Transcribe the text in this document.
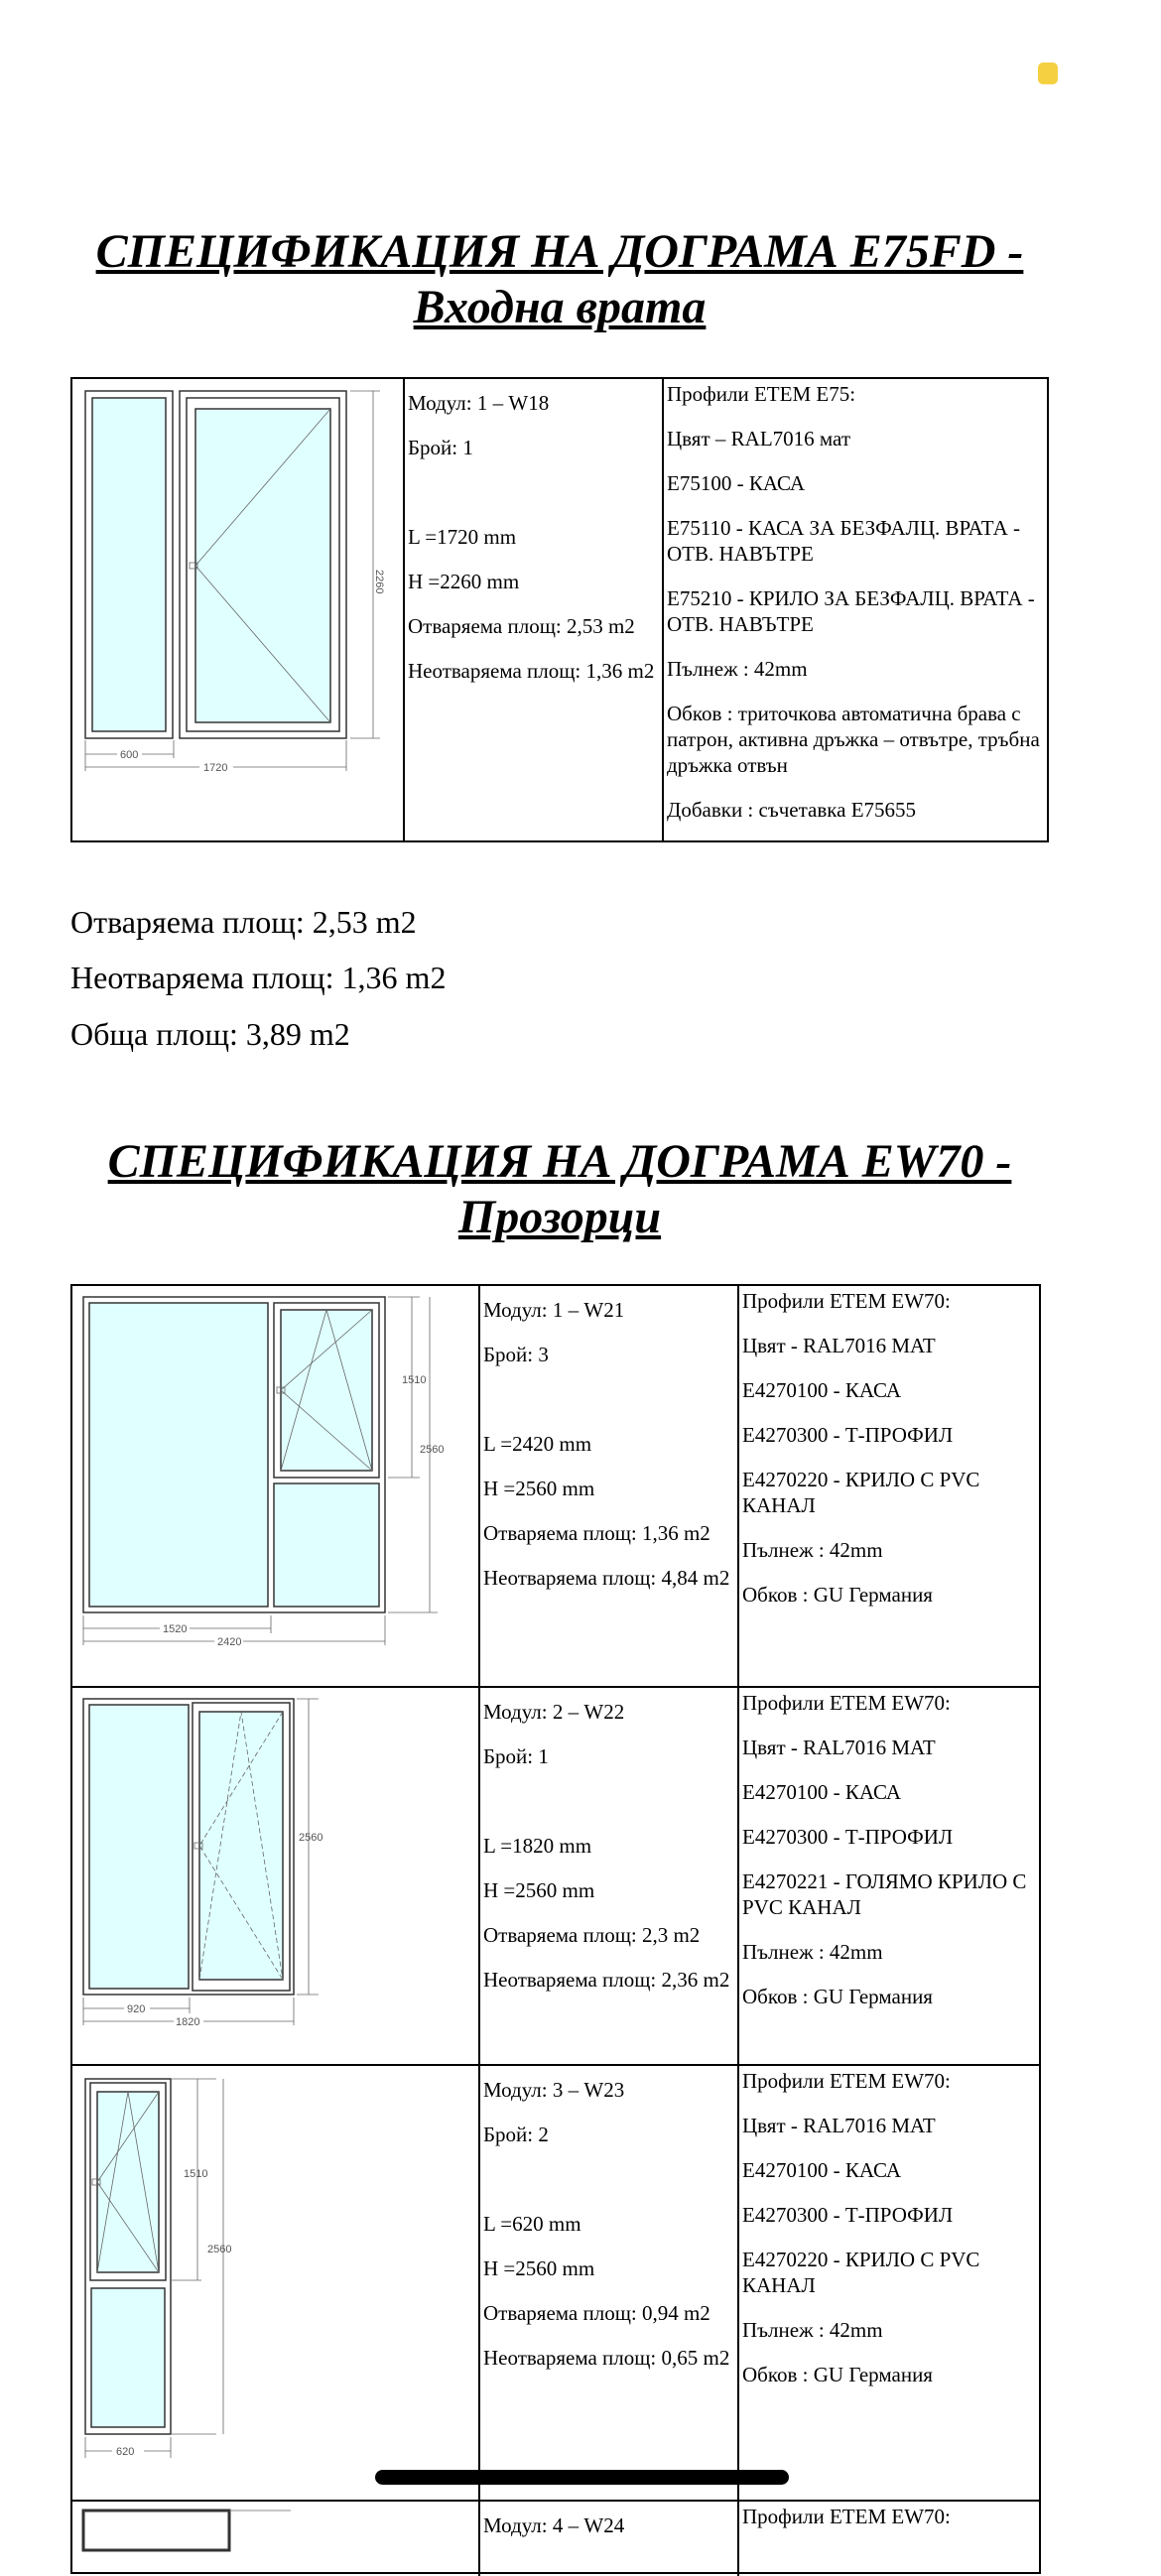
СПЕЦИФИКАЦИЯ НА ДОГРАМА E75FD -
Входна врата
2260
600
1720

Модул: 1 – W18

Брой: 1

L =1720 mm

H =2260 mm

Отваряема площ: 2,53 m2

Неотваряема площ: 1,36 m2

Профили ЕТЕМ E75:

Цвят – RAL7016 мат

E75100 - КАСА

E75110 - КАСА ЗА БЕЗФАЛЦ. ВРАТА - ОТВ. НАВЪТРЕ

E75210 - КРИЛО ЗА БЕЗФАЛЦ. ВРАТА - ОТВ. НАВЪТРЕ

Пълнеж : 42mm

Обков : триточкова автоматична брава с патрон, активна дръжка – отвътре, тръбна дръжка отвън

Добавки : съчетавка E75655

Отваряема площ: 2,53 m2
Неотваряема площ: 1,36 m2
Обща площ: 3,89 m2
СПЕЦИФИКАЦИЯ НА ДОГРАМА EW70 -
Прозорци
1510
2560
1520
2420

Модул: 1 – W21

Брой: 3

L =2420 mm

H =2560 mm

Отваряема площ: 1,36 m2

Неотваряема площ: 4,84 m2

Профили ЕТЕМ EW70:

Цвят - RAL7016 MAT

E4270100 - КАСА

E4270300 - Т-ПРОФИЛ

E4270220 - КРИЛО С PVC КАНАЛ

Пълнеж : 42mm

Обков : GU Германия

2560
920
1820

Модул: 2 – W22

Брой: 1

L =1820 mm

H =2560 mm

Отваряема площ: 2,3 m2

Неотваряема площ: 2,36 m2

Профили ЕТЕМ EW70:

Цвят - RAL7016 MAT

E4270100 - КАСА

E4270300 - Т-ПРОФИЛ

E4270221 - ГОЛЯМО КРИЛО С PVC КАНАЛ

Пълнеж : 42mm

Обков : GU Германия

1510
2560
620

Модул: 3 – W23

Брой: 2

L =620 mm

H =2560 mm

Отваряема площ: 0,94 m2

Неотваряема площ: 0,65 m2

Профили ЕТЕМ EW70:

Цвят - RAL7016 MAT

E4270100 - КАСА

E4270300 - Т-ПРОФИЛ

E4270220 - КРИЛО С PVC КАНАЛ

Пълнеж : 42mm

Обков : GU Германия

Модул: 4 – W24	Профили ЕТЕМ EW70:
